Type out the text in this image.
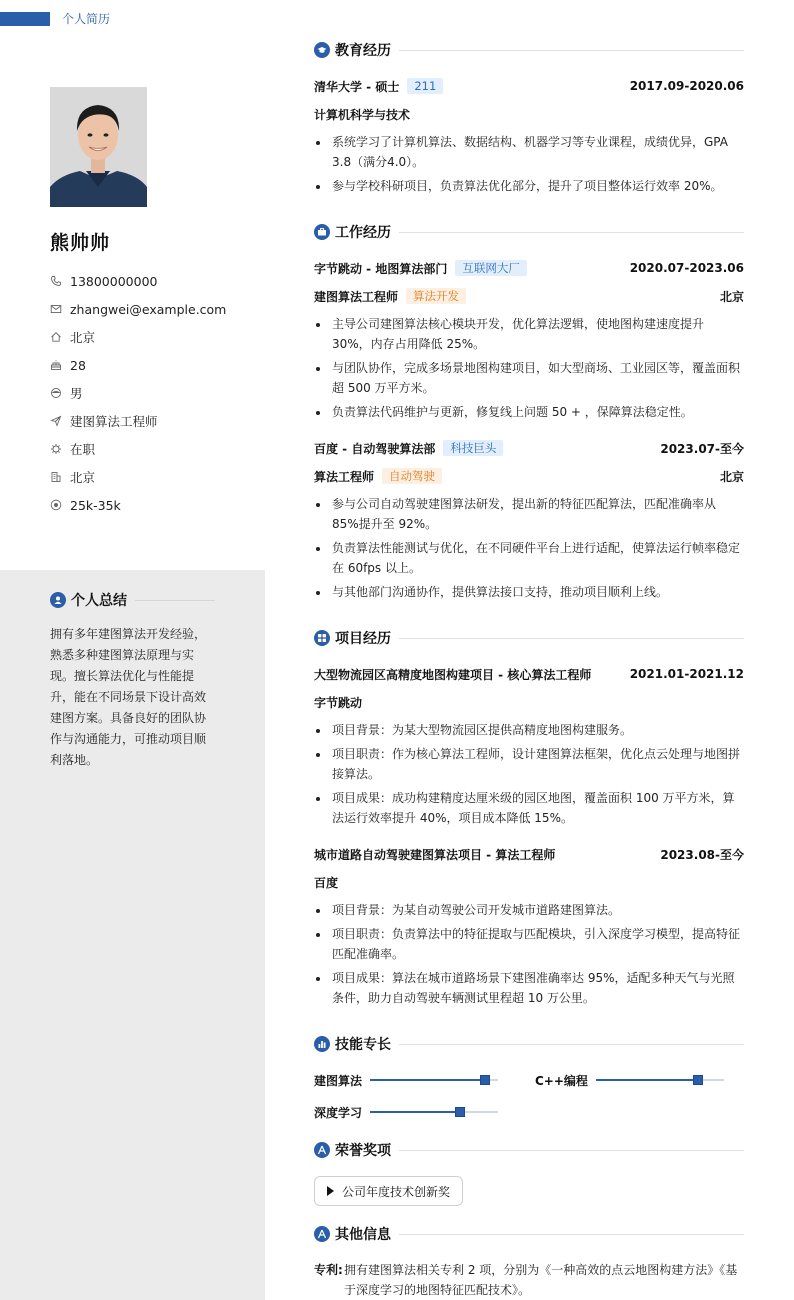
个人简历
熊帅帅
13800000000
zhangwei@example.com
北京
28
男
建图算法工程师
在职
北京
25k-35k
个人总结
拥有多年建图算法开发经验，熟悉多种建图算法原理与实现。擅长算法优化与性能提升，能在不同场景下设计高效建图方案。具备良好的团队协作与沟通能力，可推动项目顺利落地。
教育经历
清华大学 - 硕士	211	2017.09-2020.06
计算机科学与技术
系统学习了计算机算法、数据结构、机器学习等专业课程，成绩优异，GPA 3.8（满分4.0）。
参与学校科研项目，负责算法优化部分，提升了项目整体运行效率 20%。
工作经历
字节跳动 - 地图算法部门	互联网大厂	2020.07-2023.06
建图算法工程师	算法开发	北京
主导公司建图算法核心模块开发，优化算法逻辑，使地图构建速度提升 30%，内存占用降低 25%。
与团队协作，完成多场景地图构建项目，如大型商场、工业园区等，覆盖面积超 500 万平方米。
负责算法代码维护与更新，修复线上问题 50 + ，保障算法稳定性。
百度 - 自动驾驶算法部	科技巨头	2023.07-至今
算法工程师	自动驾驶	北京
参与公司自动驾驶建图算法研发，提出新的特征匹配算法，匹配准确率从 85%提升至 92%。
负责算法性能测试与优化，在不同硬件平台上进行适配，使算法运行帧率稳定在 60fps 以上。
与其他部门沟通协作，提供算法接口支持，推动项目顺利上线。
项目经历
大型物流园区高精度地图构建项目 - 核心算法工程师	2021.01-2021.12
字节跳动
项目背景：为某大型物流园区提供高精度地图构建服务。
项目职责：作为核心算法工程师，设计建图算法框架，优化点云处理与地图拼接算法。
项目成果：成功构建精度达厘米级的园区地图，覆盖面积 100 万平方米，算法运行效率提升 40%，项目成本降低 15%。
城市道路自动驾驶建图算法项目 - 算法工程师	2023.08-至今
百度
项目背景：为某自动驾驶公司开发城市道路建图算法。
项目职责：负责算法中的特征提取与匹配模块，引入深度学习模型，提高特征匹配准确率。
项目成果：算法在城市道路场景下建图准确率达 95%，适配多种天气与光照条件，助力自动驾驶车辆测试里程超 10 万公里。
技能专长
建图算法	C++编程
深度学习
荣誉奖项
公司年度技术创新奖
其他信息
专利: 拥有建图算法相关专利 2 项，分别为《一种高效的点云地图构建方法》《基于深度学习的地图特征匹配技术》。
